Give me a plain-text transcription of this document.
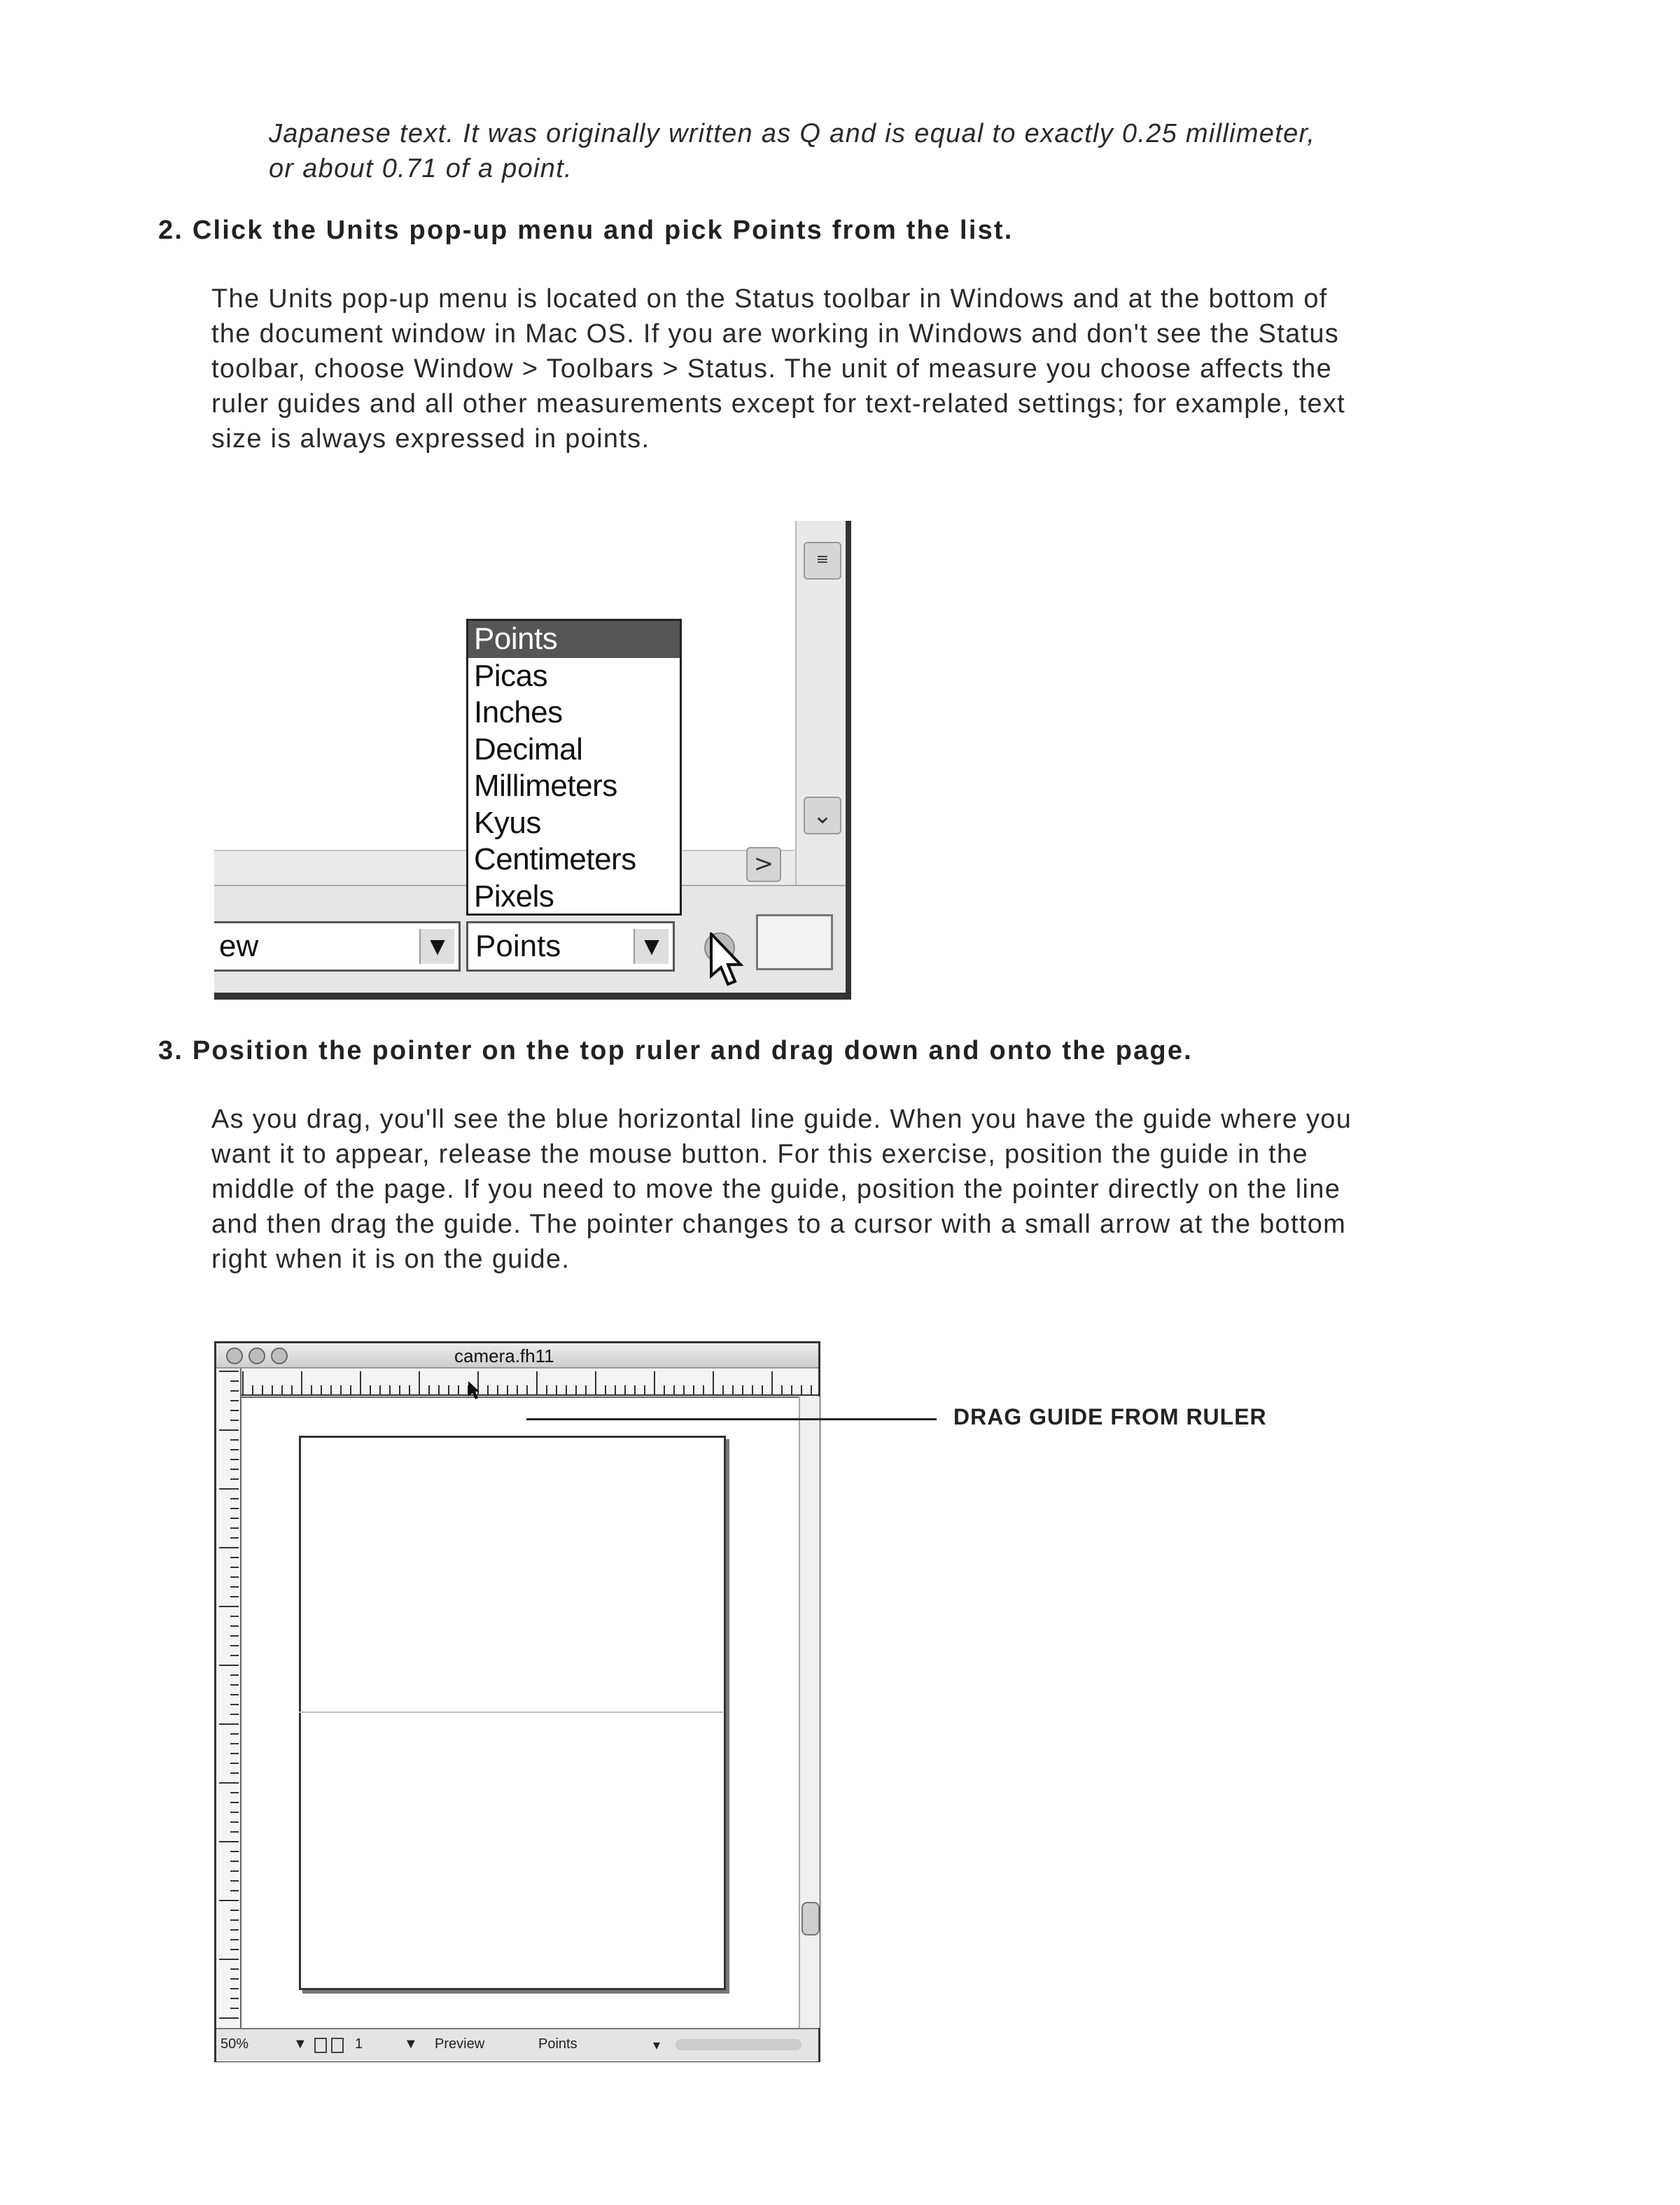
Japanese text. It was originally written as Q and is equal to exactly 0.25 millimeter,
or about 0.71 of a point.
2. Click the Units pop-up menu and pick Points from the list.
The Units pop-up menu is located on the Status toolbar in Windows and at the bottom of
the document window in Mac OS. If you are working in Windows and don't see the Status
toolbar, choose Window > Toolbars > Status. The unit of measure you choose affects the
ruler guides and all other measurements except for text-related settings; for example, text
size is always expressed in points.
≡
⌄
>
ew	▼ Points	▼
Points
Picas
Inches
Decimal
Millimeters
Kyus
Centimeters
Pixels
3. Position the pointer on the top ruler and drag down and onto the page.
As you drag, you'll see the blue horizontal line guide. When you have the guide where you
want it to appear, release the mouse button. For this exercise, position the guide in the
middle of the page. If you need to move the guide, position the pointer directly on the line
and then drag the guide. The pointer changes to a cursor with a small arrow at the bottom
right when it is on the guide.
camera.fh11
50%	▼	1	▼ Preview	Points	▾
DRAG GUIDE FROM RULER
